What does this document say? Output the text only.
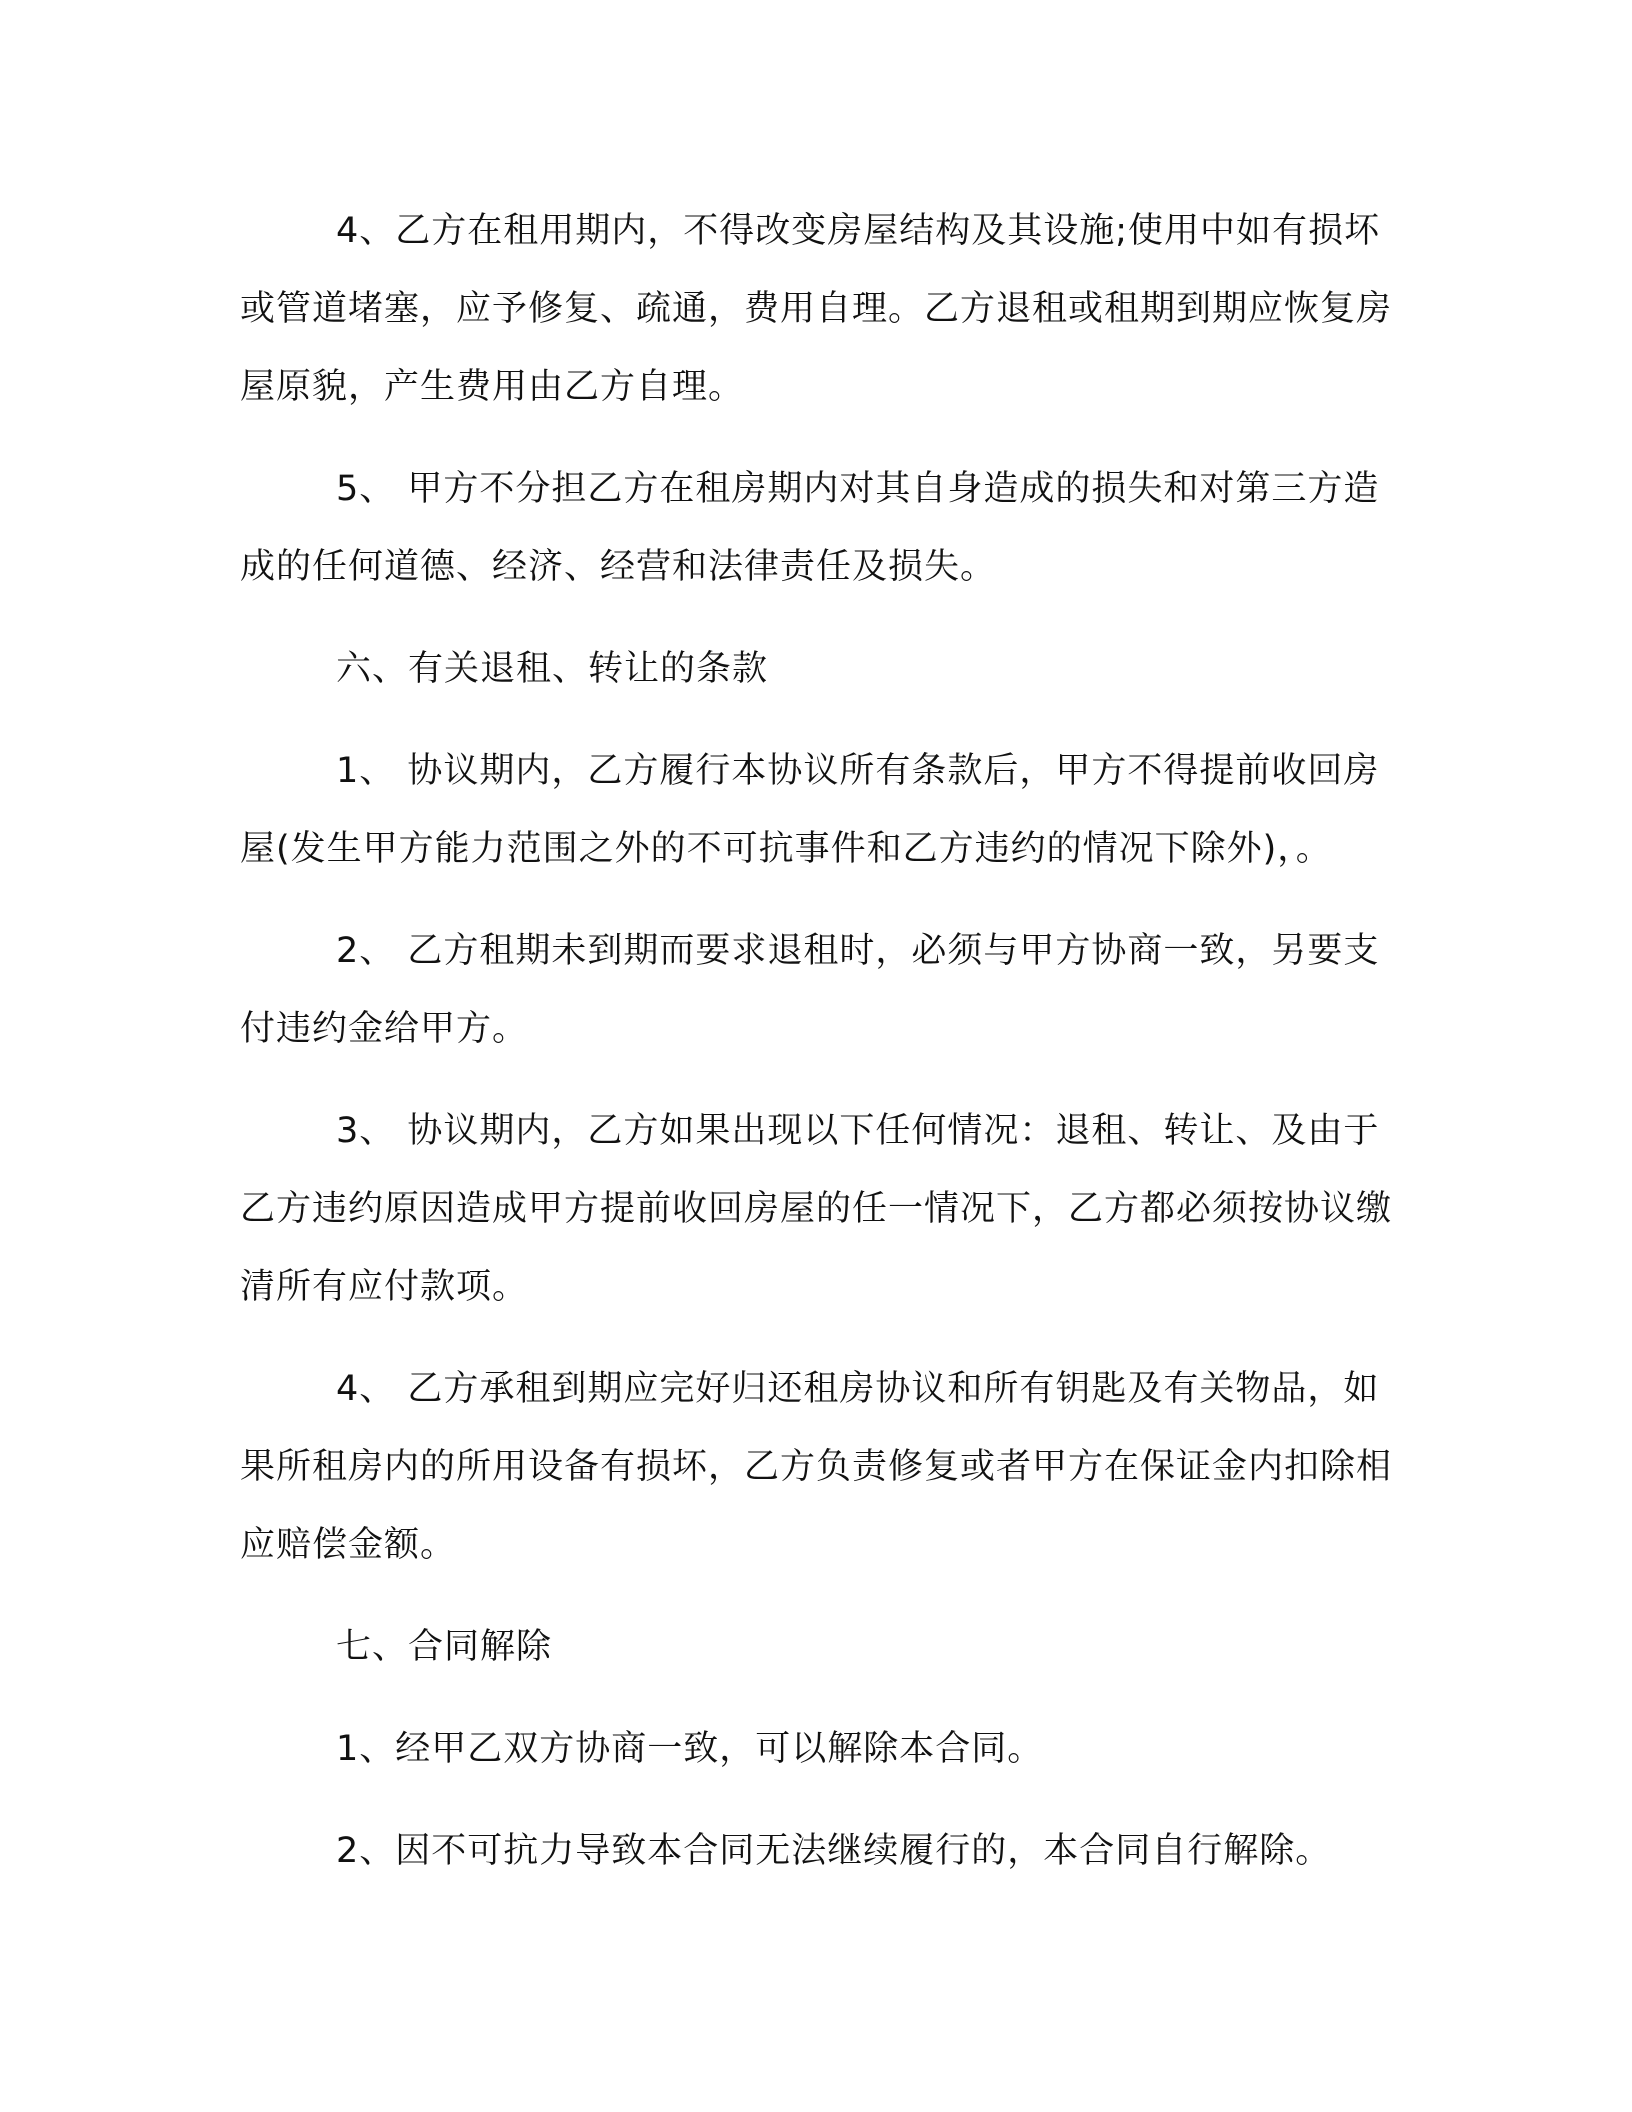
4、乙方在租用期内，不得改变房屋结构及其设施;使用中如有损坏或管道堵塞，应予修复、疏通，费用自理。乙方退租或租期到期应恢复房屋原貌，产生费用由乙方自理。

5、 甲方不分担乙方在租房期内对其自身造成的损失和对第三方造成的任何道德、经济、经营和法律责任及损失。

六、有关退租、转让的条款

1、 协议期内，乙方履行本协议所有条款后，甲方不得提前收回房屋(发生甲方能力范围之外的不可抗事件和乙方违约的情况下除外)，。

2、 乙方租期未到期而要求退租时，必须与甲方协商一致，另要支付违约金给甲方。

3、 协议期内，乙方如果出现以下任何情况：退租、转让、及由于乙方违约原因造成甲方提前收回房屋的任一情况下，乙方都必须按协议缴清所有应付款项。

4、 乙方承租到期应完好归还租房协议和所有钥匙及有关物品，如果所租房内的所用设备有损坏，乙方负责修复或者甲方在保证金内扣除相应赔偿金额。

七、合同解除

1、经甲乙双方协商一致，可以解除本合同。

2、因不可抗力导致本合同无法继续履行的，本合同自行解除。
